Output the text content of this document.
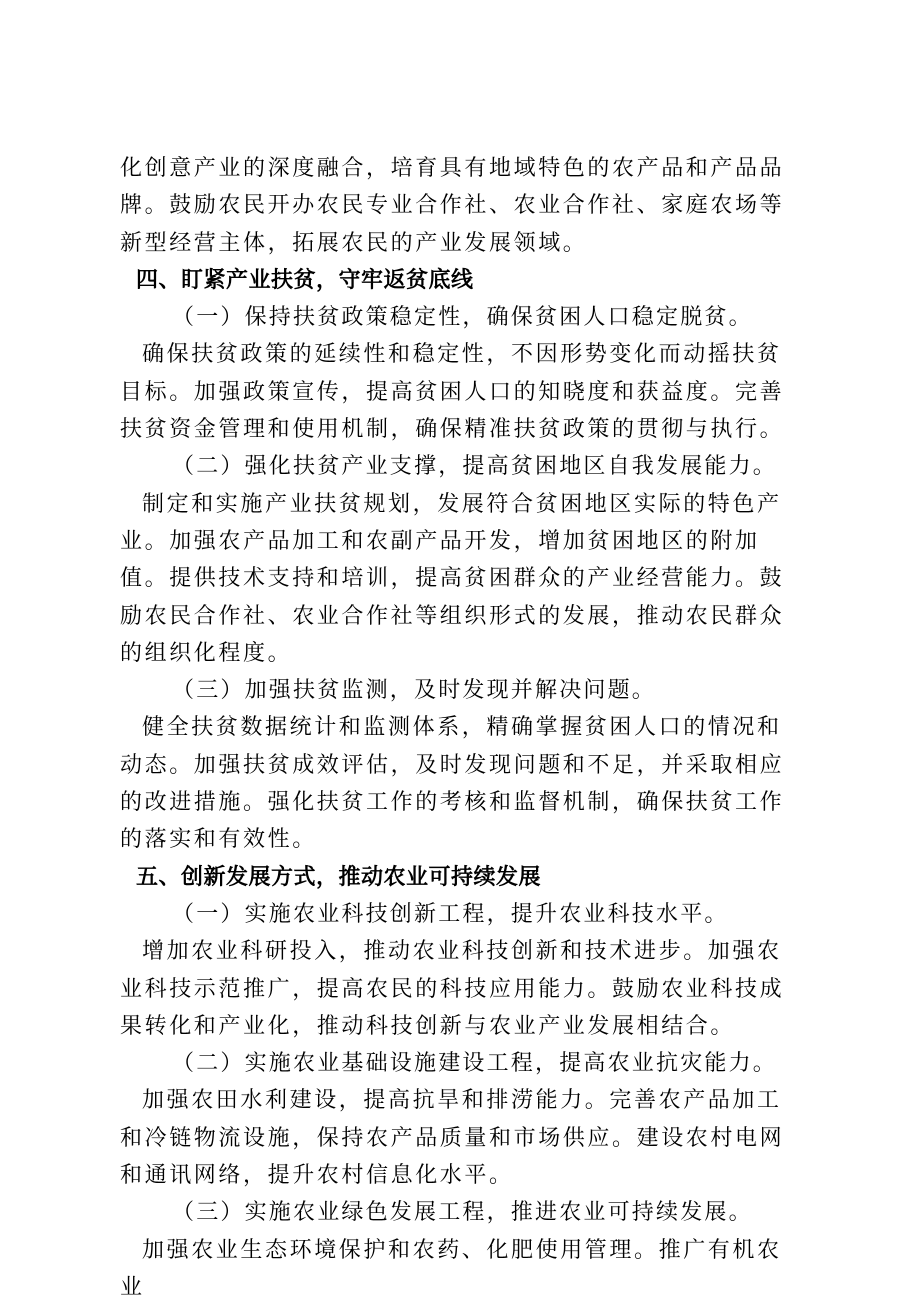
化创意产业的深度融合，培育具有地域特色的农产品和产品品牌。鼓励农民开办农民专业合作社、农业合作社、家庭农场等新型经营主体，拓展农民的产业发展领域。

四、盯紧产业扶贫，守牢返贫底线

（一）保持扶贫政策稳定性，确保贫困人口稳定脱贫。

确保扶贫政策的延续性和稳定性，不因形势变化而动摇扶贫目标。加强政策宣传，提高贫困人口的知晓度和获益度。完善扶贫资金管理和使用机制，确保精准扶贫政策的贯彻与执行。

（二）强化扶贫产业支撑，提高贫困地区自我发展能力。

制定和实施产业扶贫规划，发展符合贫困地区实际的特色产业。加强农产品加工和农副产品开发，增加贫困地区的附加值。提供技术支持和培训，提高贫困群众的产业经营能力。鼓励农民合作社、农业合作社等组织形式的发展，推动农民群众的组织化程度。

（三）加强扶贫监测，及时发现并解决问题。

健全扶贫数据统计和监测体系，精确掌握贫困人口的情况和动态。加强扶贫成效评估，及时发现问题和不足，并采取相应的改进措施。强化扶贫工作的考核和监督机制，确保扶贫工作的落实和有效性。

五、创新发展方式，推动农业可持续发展

（一）实施农业科技创新工程，提升农业科技水平。

增加农业科研投入，推动农业科技创新和技术进步。加强农业科技示范推广，提高农民的科技应用能力。鼓励农业科技成果转化和产业化，推动科技创新与农业产业发展相结合。

（二）实施农业基础设施建设工程，提高农业抗灾能力。

加强农田水利建设，提高抗旱和排涝能力。完善农产品加工和冷链物流设施，保持农产品质量和市场供应。建设农村电网和通讯网络，提升农村信息化水平。

（三）实施农业绿色发展工程，推进农业可持续发展。

加强农业生态环境保护和农药、化肥使用管理。推广有机农业
